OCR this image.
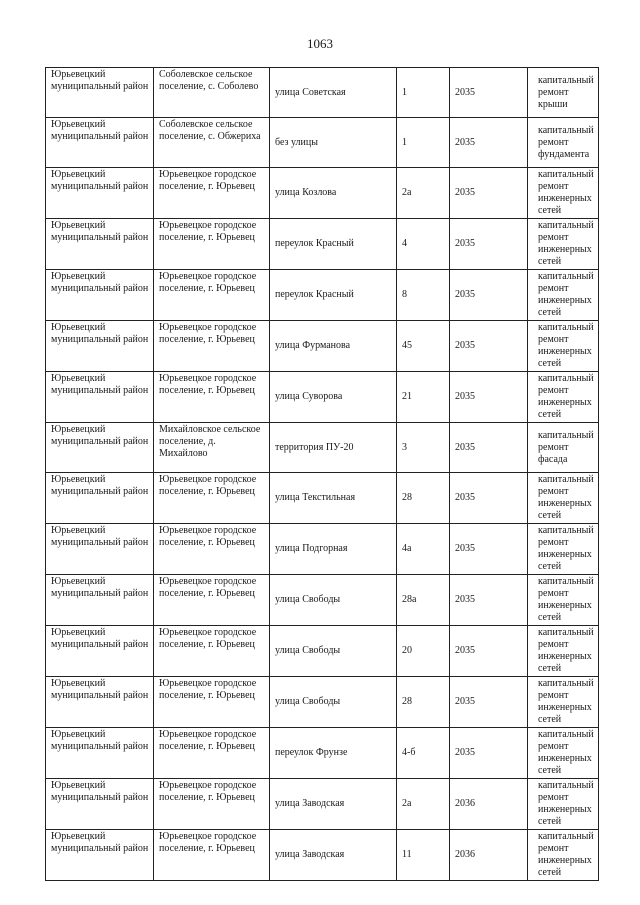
1063
Юрьевецкий муниципальный район	Соболевское сельское поселение, с. Соболево	улица Советская	1	2035	капитальный ремонт крыши
Юрьевецкий муниципальный район	Соболевское сельское поселение, с. Обжериха	без улицы	1	2035	капитальный ремонт фундамента
Юрьевецкий муниципальный район	Юрьевецкое городское поселение, г. Юрьевец	улица Козлова	2а	2035	капитальный ремонт инженерных сетей
Юрьевецкий муниципальный район	Юрьевецкое городское поселение, г. Юрьевец	переулок Красный	4	2035	капитальный ремонт инженерных сетей
Юрьевецкий муниципальный район	Юрьевецкое городское поселение, г. Юрьевец	переулок Красный	8	2035	капитальный ремонт инженерных сетей
Юрьевецкий муниципальный район	Юрьевецкое городское поселение, г. Юрьевец	улица Фурманова	45	2035	капитальный ремонт инженерных сетей
Юрьевецкий муниципальный район	Юрьевецкое городское поселение, г. Юрьевец	улица Суворова	21	2035	капитальный ремонт инженерных сетей
Юрьевецкий муниципальный район	Михайловское сельское поселение, д. Михайлово	территория ПУ-20	3	2035	капитальный ремонт фасада
Юрьевецкий муниципальный район	Юрьевецкое городское поселение, г. Юрьевец	улица Текстильная	28	2035	капитальный ремонт инженерных сетей
Юрьевецкий муниципальный район	Юрьевецкое городское поселение, г. Юрьевец	улица Подгорная	4а	2035	капитальный ремонт инженерных сетей
Юрьевецкий муниципальный район	Юрьевецкое городское поселение, г. Юрьевец	улица Свободы	28а	2035	капитальный ремонт инженерных сетей
Юрьевецкий муниципальный район	Юрьевецкое городское поселение, г. Юрьевец	улица Свободы	20	2035	капитальный ремонт инженерных сетей
Юрьевецкий муниципальный район	Юрьевецкое городское поселение, г. Юрьевец	улица Свободы	28	2035	капитальный ремонт инженерных сетей
Юрьевецкий муниципальный район	Юрьевецкое городское поселение, г. Юрьевец	переулок Фрунзе	4-б	2035	капитальный ремонт инженерных сетей
Юрьевецкий муниципальный район	Юрьевецкое городское поселение, г. Юрьевец	улица Заводская	2а	2036	капитальный ремонт инженерных сетей
Юрьевецкий муниципальный район	Юрьевецкое городское поселение, г. Юрьевец	улица Заводская	11	2036	капитальный ремонт инженерных сетей
